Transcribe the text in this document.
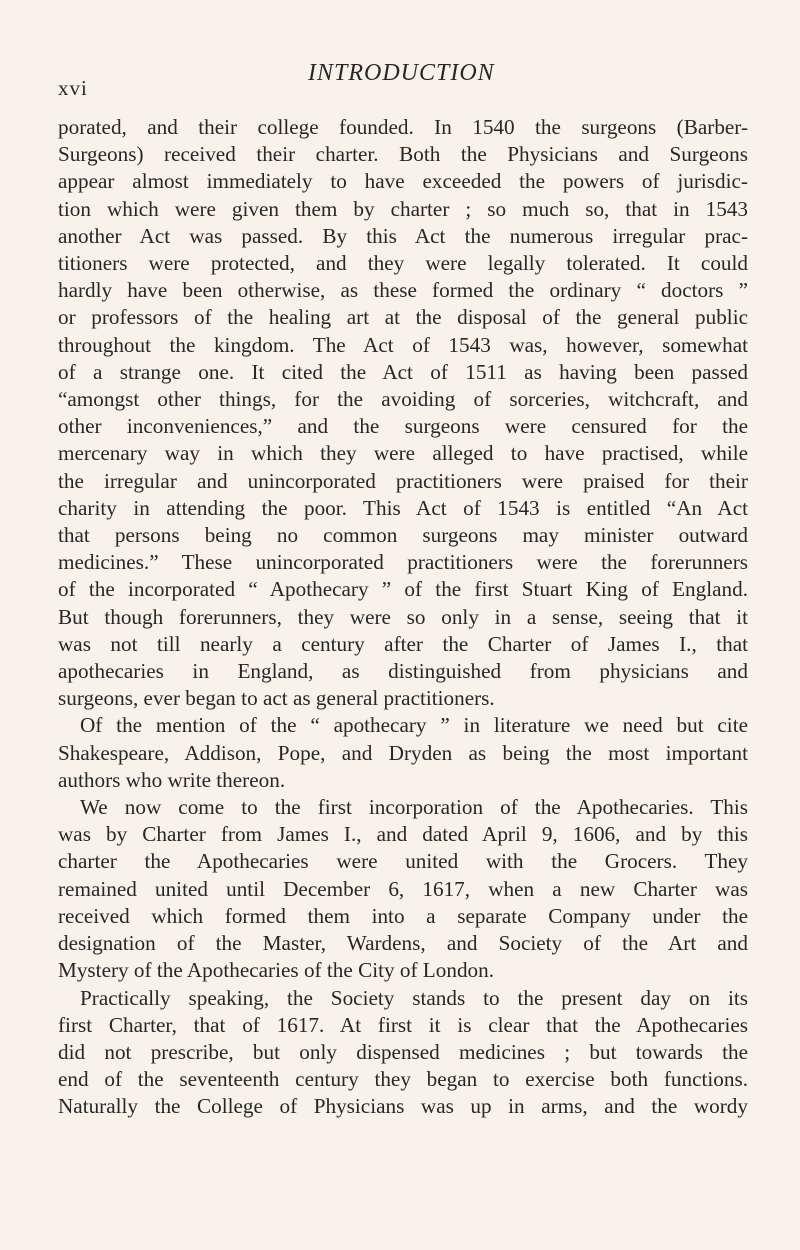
xvi
INTRODUCTION
porated, and their college founded. In 1540 the surgeons (Barber-
Surgeons) received their charter. Both the Physicians and Surgeons
appear almost immediately to have exceeded the powers of jurisdic-
tion which were given them by charter ; so much so, that in 1543
another Act was passed. By this Act the numerous irregular prac-
titioners were protected, and they were legally tolerated. It could
hardly have been otherwise, as these formed the ordinary “ doctors ”
or professors of the healing art at the disposal of the general public
throughout the kingdom. The Act of 1543 was, however, somewhat
of a strange one. It cited the Act of 1511 as having been passed
“amongst other things, for the avoiding of sorceries, witchcraft, and
other inconveniences,” and the surgeons were censured for the
mercenary way in which they were alleged to have practised, while
the irregular and unincorporated practitioners were praised for their
charity in attending the poor. This Act of 1543 is entitled “An Act
that persons being no common surgeons may minister outward
medicines.” These unincorporated practitioners were the forerunners
of the incorporated “ Apothecary ” of the first Stuart King of England.
But though forerunners, they were so only in a sense, seeing that it
was not till nearly a century after the Charter of James I., that
apothecaries in England, as distinguished from physicians and
surgeons, ever began to act as general practitioners.
Of the mention of the “ apothecary ” in literature we need but cite
Shakespeare, Addison, Pope, and Dryden as being the most important
authors who write thereon.
We now come to the first incorporation of the Apothecaries. This
was by Charter from James I., and dated April 9, 1606, and by this
charter the Apothecaries were united with the Grocers. They
remained united until December 6, 1617, when a new Charter was
received which formed them into a separate Company under the
designation of the Master, Wardens, and Society of the Art and
Mystery of the Apothecaries of the City of London.
Practically speaking, the Society stands to the present day on its
first Charter, that of 1617. At first it is clear that the Apothecaries
did not prescribe, but only dispensed medicines ; but towards the
end of the seventeenth century they began to exercise both functions.
Naturally the College of Physicians was up in arms, and the wordy
